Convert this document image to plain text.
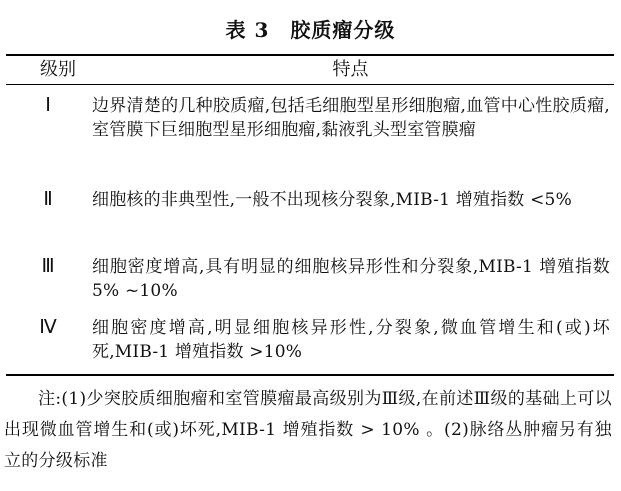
表 3　胶质瘤分级
级别	特点
Ⅰ	边界清楚的几种胶质瘤,包括毛细胞型星形细胞瘤,血管中心性胶质瘤,室管膜下巨细胞型星形细胞瘤,黏液乳头型室管膜瘤
Ⅱ	细胞核的非典型性,一般不出现核分裂象,MIB-1 增殖指数 <5%
Ⅲ 细胞密度增高,具有明显的细胞核异形性和分裂象,MIB-1 增殖指数 5% ~10%
Ⅳ 细胞密度增高,明显细胞核异形性,分裂象,微血管增生和(或)坏死,MIB-1 增殖指数 >10%
注:(1)少突胶质细胞瘤和室管膜瘤最高级别为Ⅲ级,在前述Ⅲ级的基础上可以出现微血管增生和(或)坏死,MIB-1 增殖指数 > 10% 。(2)脉络丛肿瘤另有独立的分级标准
